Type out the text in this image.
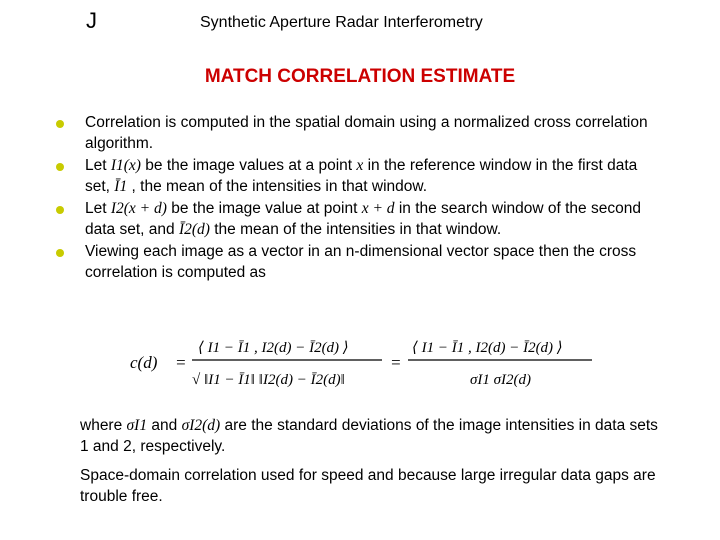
J	Synthetic Aperture Radar Interferometry
MATCH CORRELATION ESTIMATE
Correlation is computed in the spatial domain using a normalized cross correlation algorithm.
Let I1(x) be the image values at a point x in the reference window in the first data set, Ī1 , the mean of the intensities in that window.
Let I2(x + d) be the image value at point x + d in the search window of the second data set, and Ī2(d) the mean of the intensities in that window.
Viewing each image as a vector in an n-dimensional vector space then the cross correlation is computed as
c(d) =
⟨ I1 − Ī1 , I2(d) − Ī2(d) ⟩
√ ‖I1 − Ī1‖ ‖I2(d) − Ī2(d)‖
=
⟨ I1 − Ī1 , I2(d) − Ī2(d) ⟩
σI1 σI2(d)
where σI1 and σI2(d) are the standard deviations of the image intensities in data sets 1 and 2, respectively.
Space-domain correlation used for speed and because large irregular data gaps are trouble free.
